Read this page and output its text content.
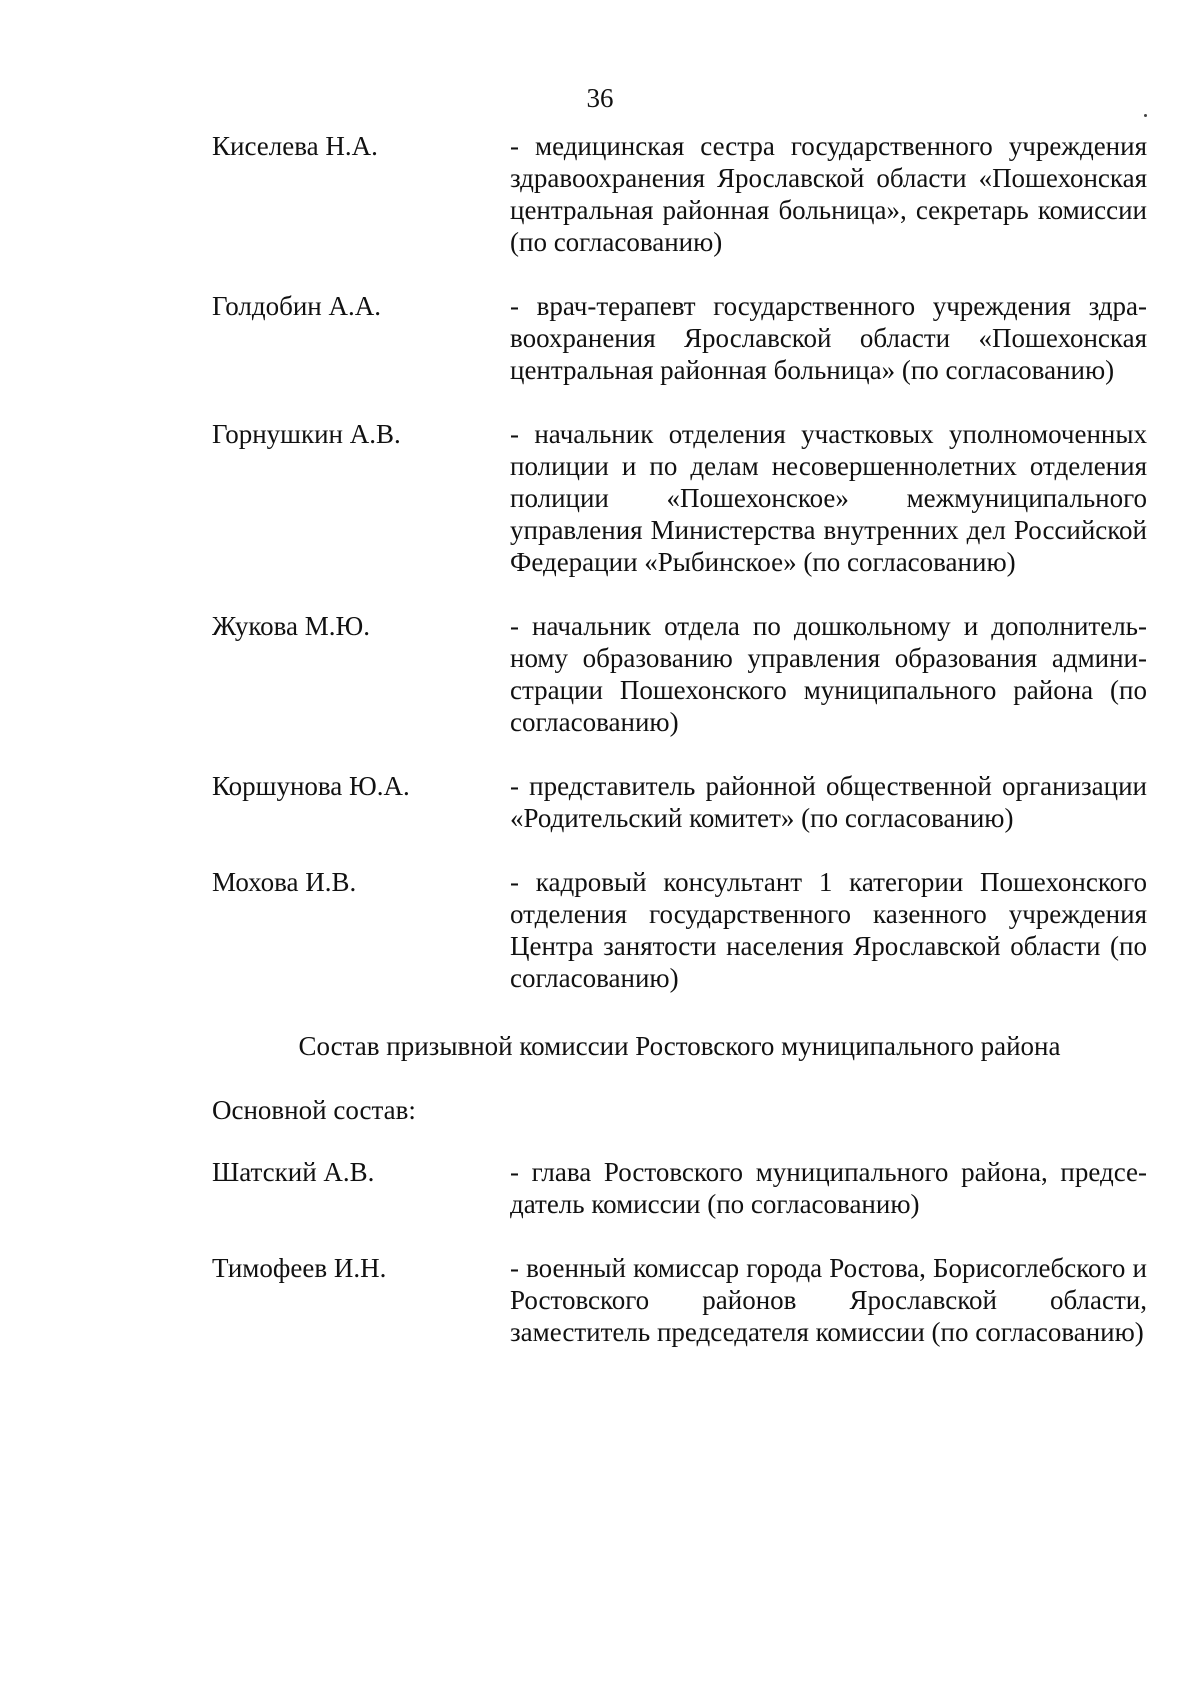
36
Киселева Н.А.	- медицинская сестра государственного учреждения здравоохранения Ярославской области «Пошехонская центральная районная больница», секретарь комиссии (по согласованию)
Голдобин А.А.	- врач-терапевт государственного учреждения здравоохранения Ярославской области «Пошехонская центральная районная больница» (по согласованию)
Горнушкин А.В.	- начальник отделения участковых уполномоченных полиции и по делам несовершеннолетних отделения полиции «Пошехонское» межмуниципального управления Министерства внутренних дел Российской Федерации «Рыбинское» (по согласованию)
Жукова М.Ю.	- начальник отдела по дошкольному и дополнительному образованию управления образования администрации Пошехонского муниципального района (по согласованию)
Коршунова Ю.А.	- представитель районной общественной организации «Родительский комитет» (по согласованию)
Мохова И.В.	- кадровый консультант 1 категории Пошехонского отделения государственного казенного учреждения Центра занятости населения Ярославской области (по согласованию)
Состав призывной комиссии Ростовского муниципального района
Основной состав:
Шатский А.В.	- глава Ростовского муниципального района, председатель комиссии (по согласованию)
Тимофеев И.Н.	- военный комиссар города Ростова, Борисоглебского и Ростовского районов Ярославской области, заместитель председателя комиссии (по согласованию)
